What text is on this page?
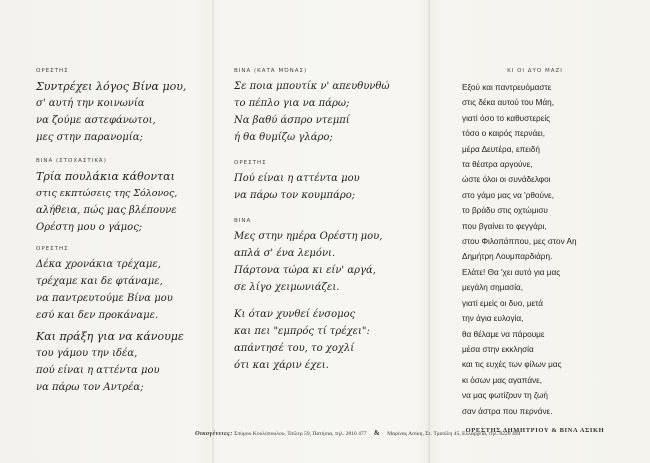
ΟΡΕΣΤΗΣ

Συντρέχει λόγος Βίνα μου,

σ' αυτή την κοινωνία

να ζούμε αστεφάνωτοι,

μες στην παρανομία;

ΒΙΝΑ (ΣΤΟΧΑΣΤΙΚΆ)

Τρία πουλάκια κάθονται

στις εκπτώσεις της Σόλονος,

αλήθεια, πώς μας βλέπουνε

Ορέστη μου ο γάμος;

ΟΡΕΣΤΗΣ

Δέκα χρονάκια τρέχαμε,

τρέχαμε και δε φτάναμε,

να παντρευτούμε Βίνα μου

εσύ και δεν προκάναμε.

Και πράξη για να κάνουμε

του γάμου την ιδέα,

πού είναι η αττέντα μου

να πάρω τον Αντρέα;

ΒΙΝΑ (ΚΑΤΆ ΜΌΝΑΣ)

Σε ποια μπουτίκ ν' απευθυνθώ

το πέπλο για να πάρω;

Να βαθύ άσπρο ντεμπί

ή θα θυμίζω γλάρο;

ΟΡΕΣΤΗΣ

Πού είναι η αττέντα μου

να πάρω τον κουμπάρο;

ΒΙΝΑ

Μες στην ημέρα Ορέστη μου,

απλά σ' ένα λεμόνι.

Πάρτονα τώρα κι είν' αργά,

σε λίγο χειμωνιάζει.

Κι όταν χυνθεί ένσομος

και πει "εμπρός τί τρέχει":

απάντησέ του, το χοχλί

ότι και χάριν έχει.

ΚΙ ΟΙ ΔΥΟ ΜΑΖΙ

Εξού και παντρευόμαστε

στις δέκα αυτού του Μάη,

γιατί όσο το καθυστερείς

τόσο ο καιρός περνάει,

μέρα Δευτέρα, επειδή

τα θέατρα αργούνε,

ώστε όλοι οι συνάδελφοι

στο γάμο μας να 'ρθούνε,

το βράδυ στις οχτώμισυ

που βγαίνει το φεγγάρι,

στου Φιλοπάππου, μες στον Αη

Δημήτρη Λουμπαρδιάρη.

Ελάτε! Θα 'χει αυτό για μας

μεγάλη σημασία,

γιατί εμείς οι δυο, μετά

την άγια ευλογία,

θα θέλαμε να πάρουμε

μέσα στην εκκλησία

και τις ευχές των φίλων μας

κι όσων μας αγαπάνε,

να μας φωτίζουν τη ζωή

σαν άστρα που περνάνε.

ΟΡΕΣΤΗΣ ΔΗΜΗΤΡΙΟΥ & ΒΙΝΑ ΑΣΙΚΗ
Οικογένειες: Σπύρου Κουλόπουλου, Τσίλερ 59, Πατήσια, τηλ. 2810 477 & Μαρίνας Ασίκη, Στ. Τριπόλη 45, Ελλάρχεια, τηλ. 8220 494
